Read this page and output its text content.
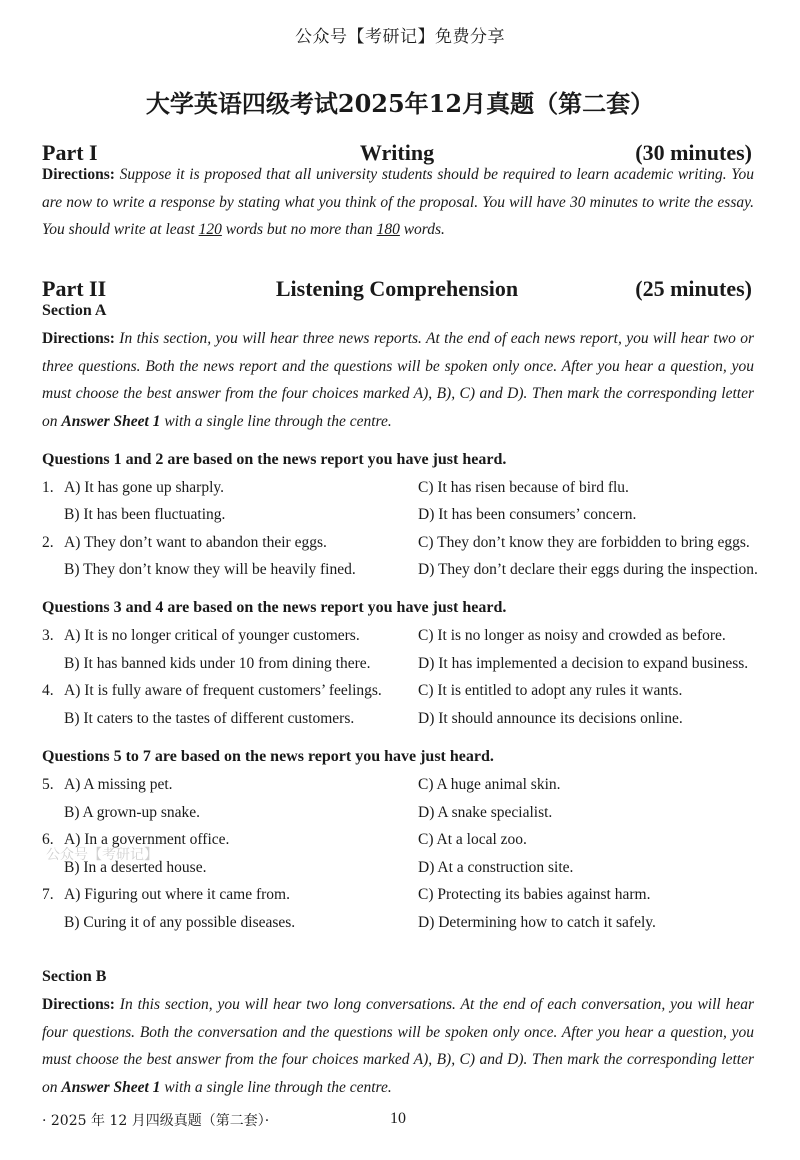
公众号【考研记】免费分享
大学英语四级考试2025年12月真题（第二套）
Part I	Writing	(30 minutes)
Directions: Suppose it is proposed that all university students should be required to learn academic writing. You are now to write a response by stating what you think of the proposal. You will have 30 minutes to write the essay. You should write at least 120 words but no more than 180 words.
Part II	Listening Comprehension	(25 minutes)
Section A
Directions: In this section, you will hear three news reports. At the end of each news report, you will hear two or three questions. Both the news report and the questions will be spoken only once. After you hear a question, you must choose the best answer from the four choices marked A), B), C) and D). Then mark the corresponding letter on Answer Sheet 1 with a single line through the centre.
Questions 1 and 2 are based on the news report you have just heard.
1. A) It has gone up sharply.	C) It has risen because of bird flu.
B) It has been fluctuating.	D) It has been consumers’ concern.
2. A) They don’t want to abandon their eggs.	C) They don’t know they are forbidden to bring eggs.
B) They don’t know they will be heavily fined.	D) They don’t declare their eggs during the inspection.
Questions 3 and 4 are based on the news report you have just heard.
3. A) It is no longer critical of younger customers.	C) It is no longer as noisy and crowded as before.
B) It has banned kids under 10 from dining there.	D) It has implemented a decision to expand business.
4. A) It is fully aware of frequent customers’ feelings. C) It is entitled to adopt any rules it wants.
B) It caters to the tastes of different customers.	D) It should announce its decisions online.
Questions 5 to 7 are based on the news report you have just heard.
5. A) A missing pet.	C) A huge animal skin.
B) A grown-up snake.	D) A snake specialist.
6. A) In a government office.	C) At a local zoo.
公众号【考研记】
B) In a deserted house.	D) At a construction site.
7. A) Figuring out where it came from.	C) Protecting its babies against harm.
B) Curing it of any possible diseases.	D) Determining how to catch it safely.
Section B
Directions: In this section, you will hear two long conversations. At the end of each conversation, you will hear four questions. Both the conversation and the questions will be spoken only once. After you hear a question, you must choose the best answer from the four choices marked A), B), C) and D). Then mark the corresponding letter on Answer Sheet 1 with a single line through the centre.
· 2025 年 12 月四级真题（第二套）·	10
